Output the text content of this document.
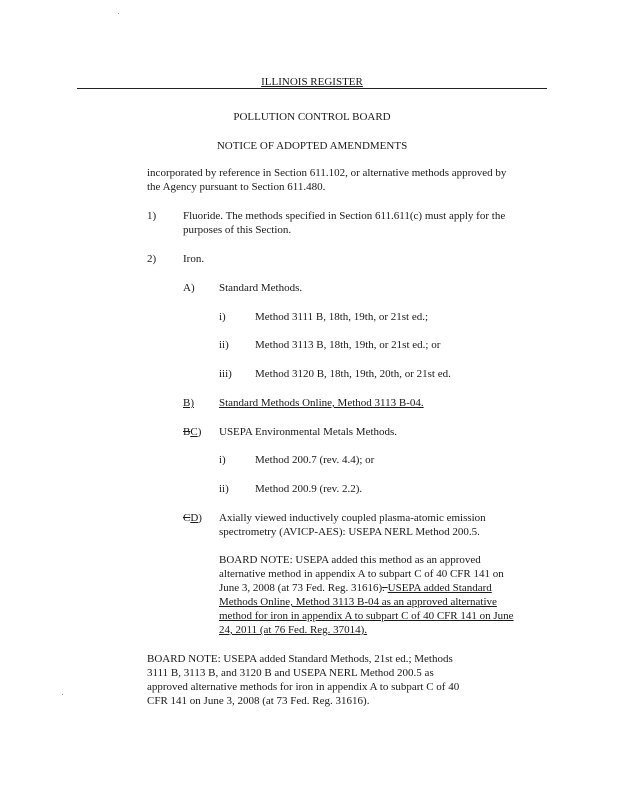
ILLINOIS REGISTER
POLLUTION CONTROL BOARD
NOTICE OF ADOPTED AMENDMENTS
incorporated by reference in Section 611.102, or alternative methods approved by
the Agency pursuant to Section 611.480.
1) Fluoride. The methods specified in Section 611.611(c) must apply for the
purposes of this Section.
2) Iron.
A) Standard Methods.
i)	Method 3111 B, 18th, 19th, or 21st ed.;
ii) Method 3113 B, 18th, 19th, or 21st ed.; or
iii) Method 3120 B, 18th, 19th, 20th, or 21st ed.
B) Standard Methods Online, Method 3113 B-04.
BC) USEPA Environmental Metals Methods.
i)	Method 200.7 (rev. 4.4); or
ii) Method 200.9 (rev. 2.2).
CD) Axially viewed inductively coupled plasma-atomic emission
spectrometry (AVICP-AES): USEPA NERL Method 200.5.
BOARD NOTE: USEPA added this method as an approved
alternative method in appendix A to subpart C of 40 CFR 141 on
June 3, 2008 (at 73 Fed. Reg. 31616). USEPA added Standard
Methods Online, Method 3113 B-04 as an approved alternative
method for iron in appendix A to subpart C of 40 CFR 141 on June
24, 2011 (at 76 Fed. Reg. 37014).
BOARD NOTE: USEPA added Standard Methods, 21st ed.; Methods
3111 B, 3113 B, and 3120 B and USEPA NERL Method 200.5 as
approved alternative methods for iron in appendix A to subpart C of 40
CFR 141 on June 3, 2008 (at 73 Fed. Reg. 31616).
